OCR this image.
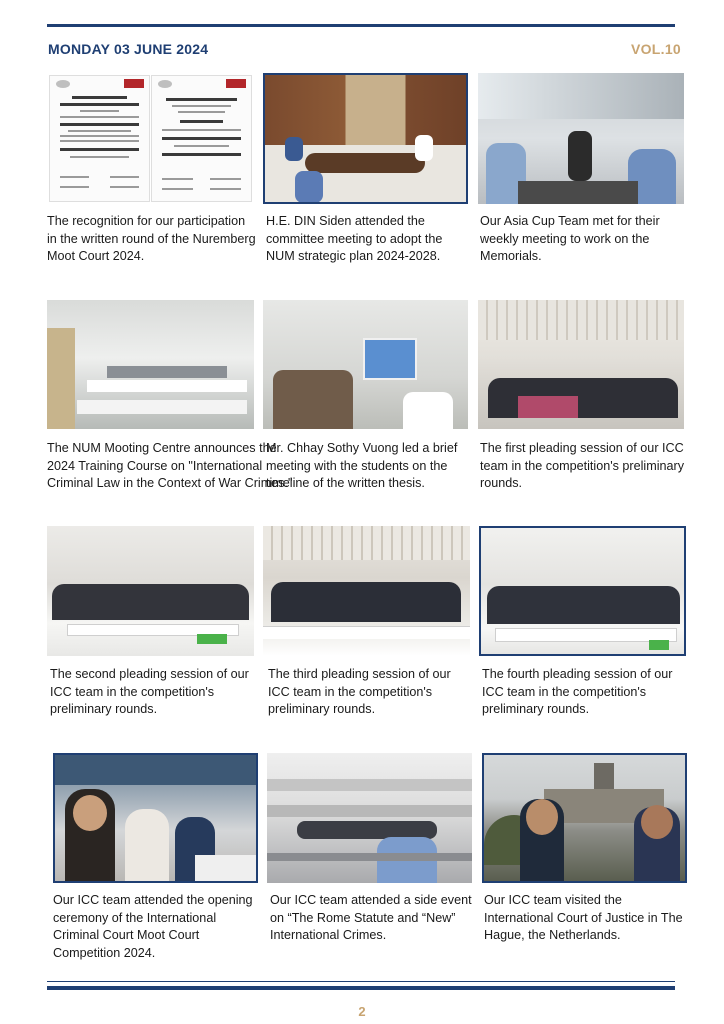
MONDAY 03 JUNE 2024	VOL.10
The recognition for our participation in the written round of the Nuremberg Moot Court 2024.
H.E. DIN Siden attended the committee meeting to adopt the NUM strategic plan 2024-2028.
Our Asia Cup Team met for their weekly meeting to work on the Memorials.
The NUM Mooting Centre announces the 2024 Training Course on "International Criminal Law in the Context of War Crimes."
Mr. Chhay Sothy Vuong led a brief meeting with the students on the timeline of the written thesis.
The first pleading session of our ICC team in the competition's preliminary rounds.
The second pleading session of our ICC team in the competition's preliminary rounds.
The third pleading session of our ICC team in the competition's preliminary rounds.
The fourth pleading session of our ICC team in the competition's preliminary rounds.
Our ICC team attended the opening ceremony of the International Criminal Court Moot Court Competition 2024.
Our ICC team attended a side event on “The Rome Statute and “New” International Crimes.
Our ICC team visited the International Court of Justice in The Hague, the Netherlands.
2
